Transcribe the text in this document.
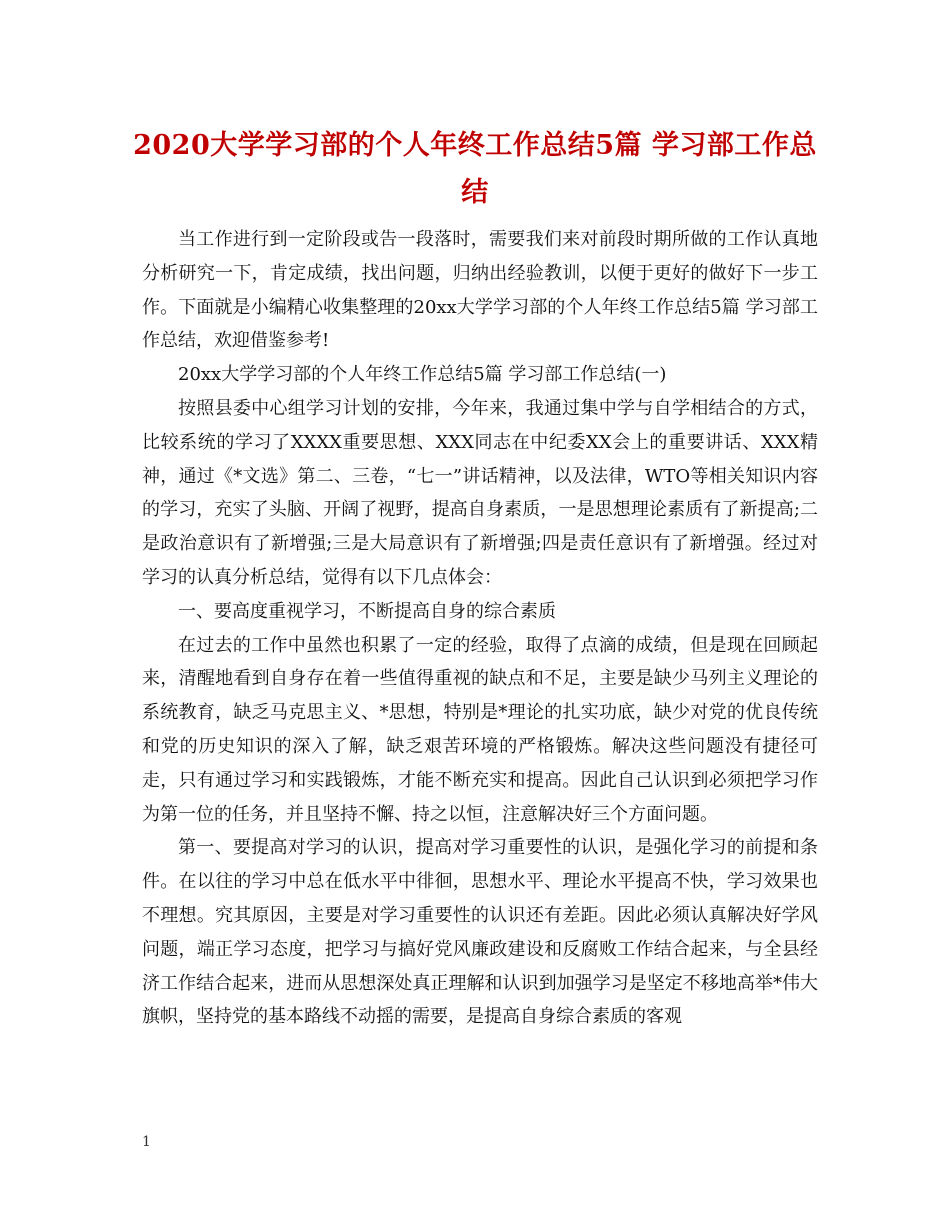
2020大学学习部的个人年终工作总结5篇 学习部工作总结

当工作进行到一定阶段或告一段落时，需要我们来对前段时期所做的工作认真地分析研究一下，肯定成绩，找出问题，归纳出经验教训，以便于更好的做好下一步工作。下面就是小编精心收集整理的20xx大学学习部的个人年终工作总结5篇 学习部工作总结，欢迎借鉴参考!

20xx大学学习部的个人年终工作总结5篇 学习部工作总结(一)

按照县委中心组学习计划的安排，今年来，我通过集中学与自学相结合的方式，比较系统的学习了XXXX重要思想、XXX同志在中纪委XX会上的重要讲话、XXX精神，通过《*文选》第二、三卷，“七一”讲话精神，以及法律，WTO等相关知识内容的学习，充实了头脑、开阔了视野，提高自身素质，一是思想理论素质有了新提高;二是政治意识有了新增强;三是大局意识有了新增强;四是责任意识有了新增强。经过对学习的认真分析总结，觉得有以下几点体会：

一、要高度重视学习，不断提高自身的综合素质

在过去的工作中虽然也积累了一定的经验，取得了点滴的成绩，但是现在回顾起来，清醒地看到自身存在着一些值得重视的缺点和不足，主要是缺少马列主义理论的系统教育，缺乏马克思主义、*思想，特别是*理论的扎实功底，缺少对党的优良传统和党的历史知识的深入了解，缺乏艰苦环境的严格锻炼。解决这些问题没有捷径可走，只有通过学习和实践锻炼，才能不断充实和提高。因此自己认识到必须把学习作为第一位的任务，并且坚持不懈、持之以恒，注意解决好三个方面问题。

第一、要提高对学习的认识，提高对学习重要性的认识，是强化学习的前提和条件。在以往的学习中总在低水平中徘徊，思想水平、理论水平提高不快，学习效果也不理想。究其原因，主要是对学习重要性的认识还有差距。因此必须认真解决好学风问题，端正学习态度，把学习与搞好党风廉政建设和反腐败工作结合起来，与全县经济工作结合起来，进而从思想深处真正理解和认识到加强学习是坚定不移地高举*伟大旗帜，坚持党的基本路线不动摇的需要，是提高自身综合素质的客观

1
